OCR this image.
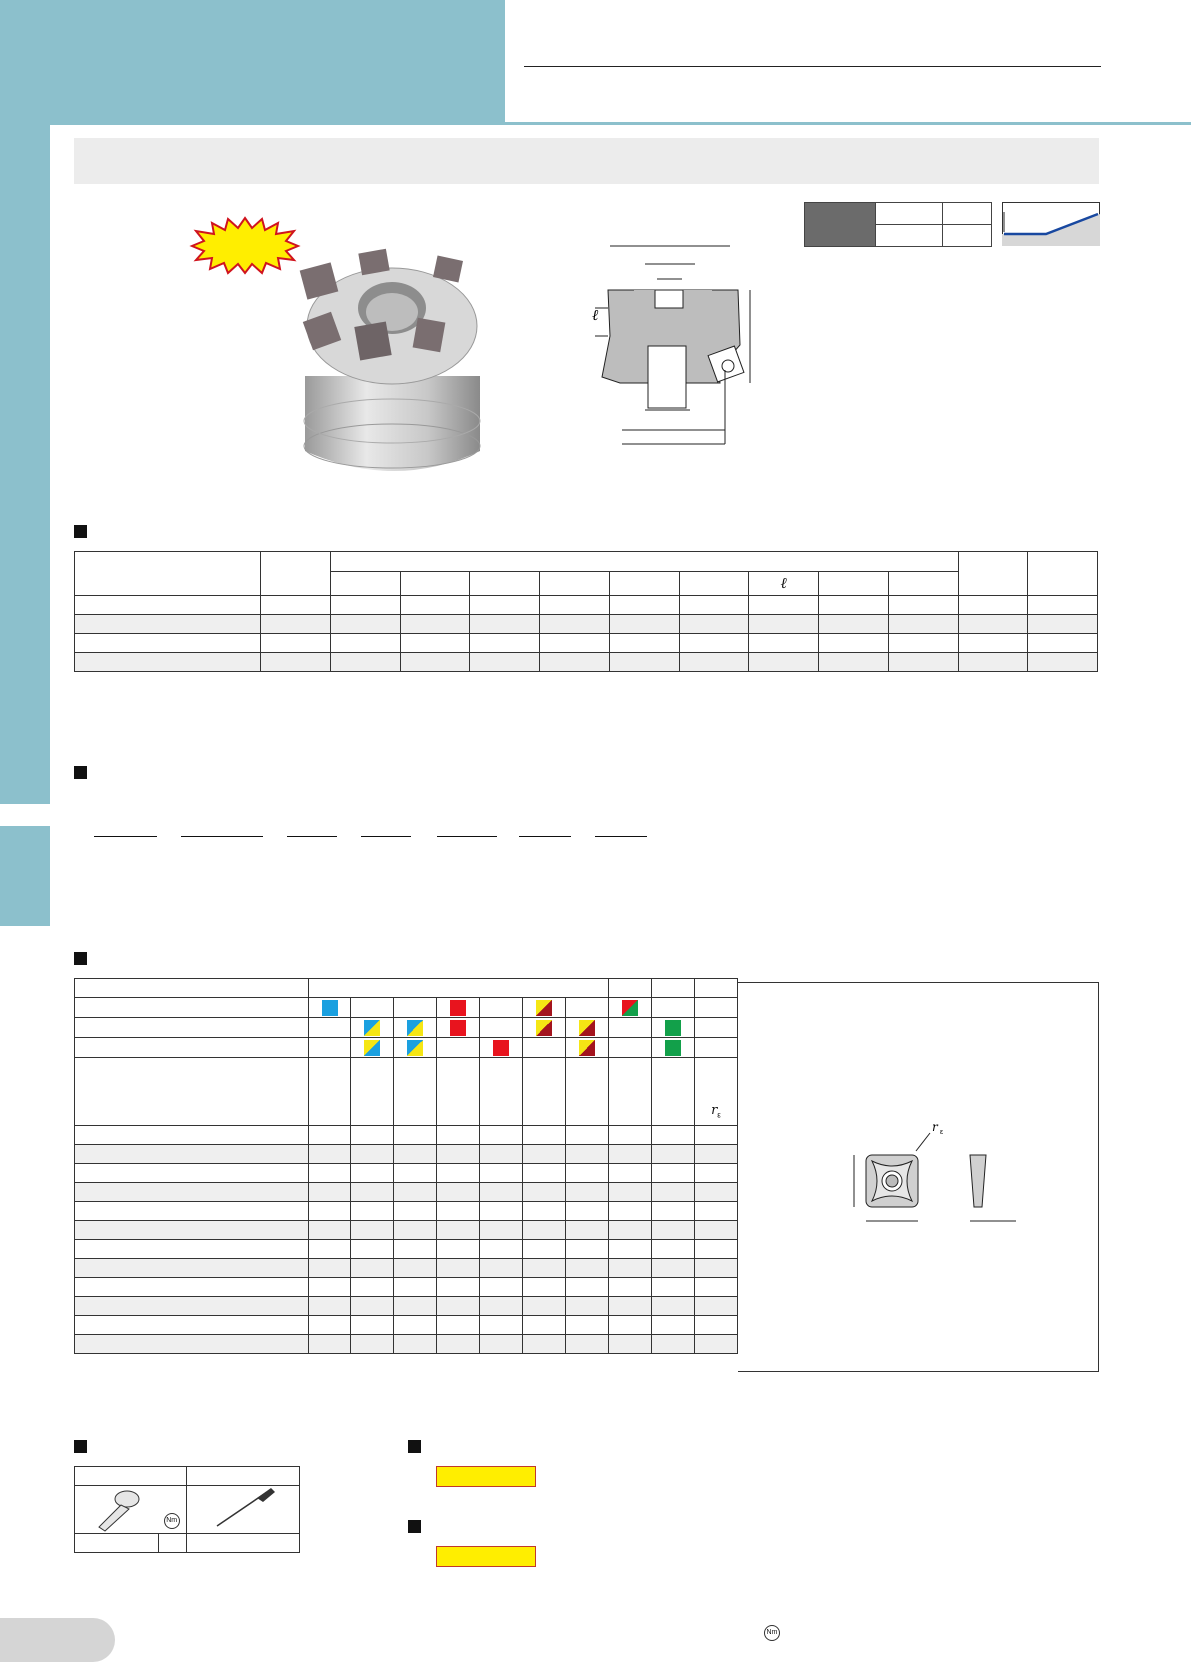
ℓ

								ℓ				

										$r_\varepsilon$

r ε

Nm

Nm
